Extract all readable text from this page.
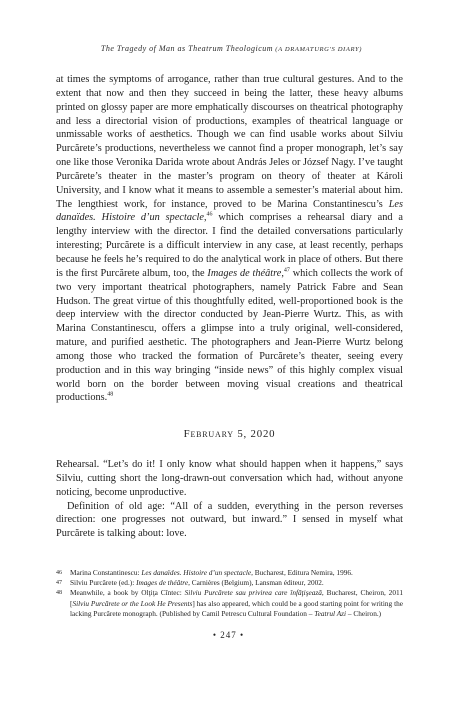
The Tragedy of Man as Theatrum Theologicum (A DRAMATURG'S DIARY)

at times the symptoms of arrogance, rather than true cultural gestures. And to the extent that now and then they succeed in being the latter, these heavy albums printed on glossy paper are more emphatically discourses on theatrical photography and less a directorial vision of productions, examples of theatrical language or unmissable works of aesthetics. Though we can find usable works about Silviu Purcărete’s productions, nevertheless we cannot find a proper monograph, let’s say one like those Veronika Darida wrote about András Jeles or József Nagy. I’ve taught Purcărete’s theater in the master’s program on theory of theater at Károli University, and I know what it means to assemble a semester’s material about him. The lengthiest work, for instance, proved to be Marina Constantinescu’s Les danaïdes. Histoire d’un spectacle,$^{46}$ which comprises a rehearsal diary and a lengthy interview with the director. I find the detailed conversations particularly interesting; Purcărete is a difficult interview in any case, at least recently, perhaps because he feels he’s required to do the analytical work in place of others. But there is the first Purcărete album, too, the Images de théâtre,$^{47}$ which collects the work of two very important theatrical photographers, namely Patrick Fabre and Sean Hudson. The great virtue of this thoughtfully edited, well-proportioned book is the deep interview with the director conducted by Jean-Pierre Wurtz. This, as with Marina Constantinescu, offers a glimpse into a truly original, well-considered, mature, and purified aesthetic. The photographers and Jean-Pierre Wurtz belong among those who tracked the formation of Purcărete’s theater, seeing every production and in this way bringing “inside news” of this highly complex visual world born on the border between moving visual creations and theatrical productions.$^{48}$

February 5, 2020

Rehearsal. “Let’s do it! I only know what should happen when it happens,” says Silviu, cutting short the long-drawn-out conversation which had, without anyone noticing, become unproductive.

Definition of old age: “All of a sudden, everything in the person reverses direction: one progresses not outward, but inward.” I sensed in myself what Purcărete is talking about: love.

46	Marina Constantinescu: Les danaïdes. Histoire d’un spectacle, Bucharest, Editura Nemira, 1996.
47	Silviu Purcărete (ed.): Images de théâtre, Carnières (Belgium), Lansman éditeur, 2002.
48	Meanwhile, a book by Olţiţa Cîntec: Silviu Purcărete sau privirea care înfăţişează, Bucharest, Cheiron, 2011 [Silviu Purcărete or the Look He Presents] has also appeared, which could be a good starting point for writing the lacking Purcărete monograph. (Published by Camil Petrescu Cultural Foundation – Teatrul Azi – Cheiron.)
• 247 •
